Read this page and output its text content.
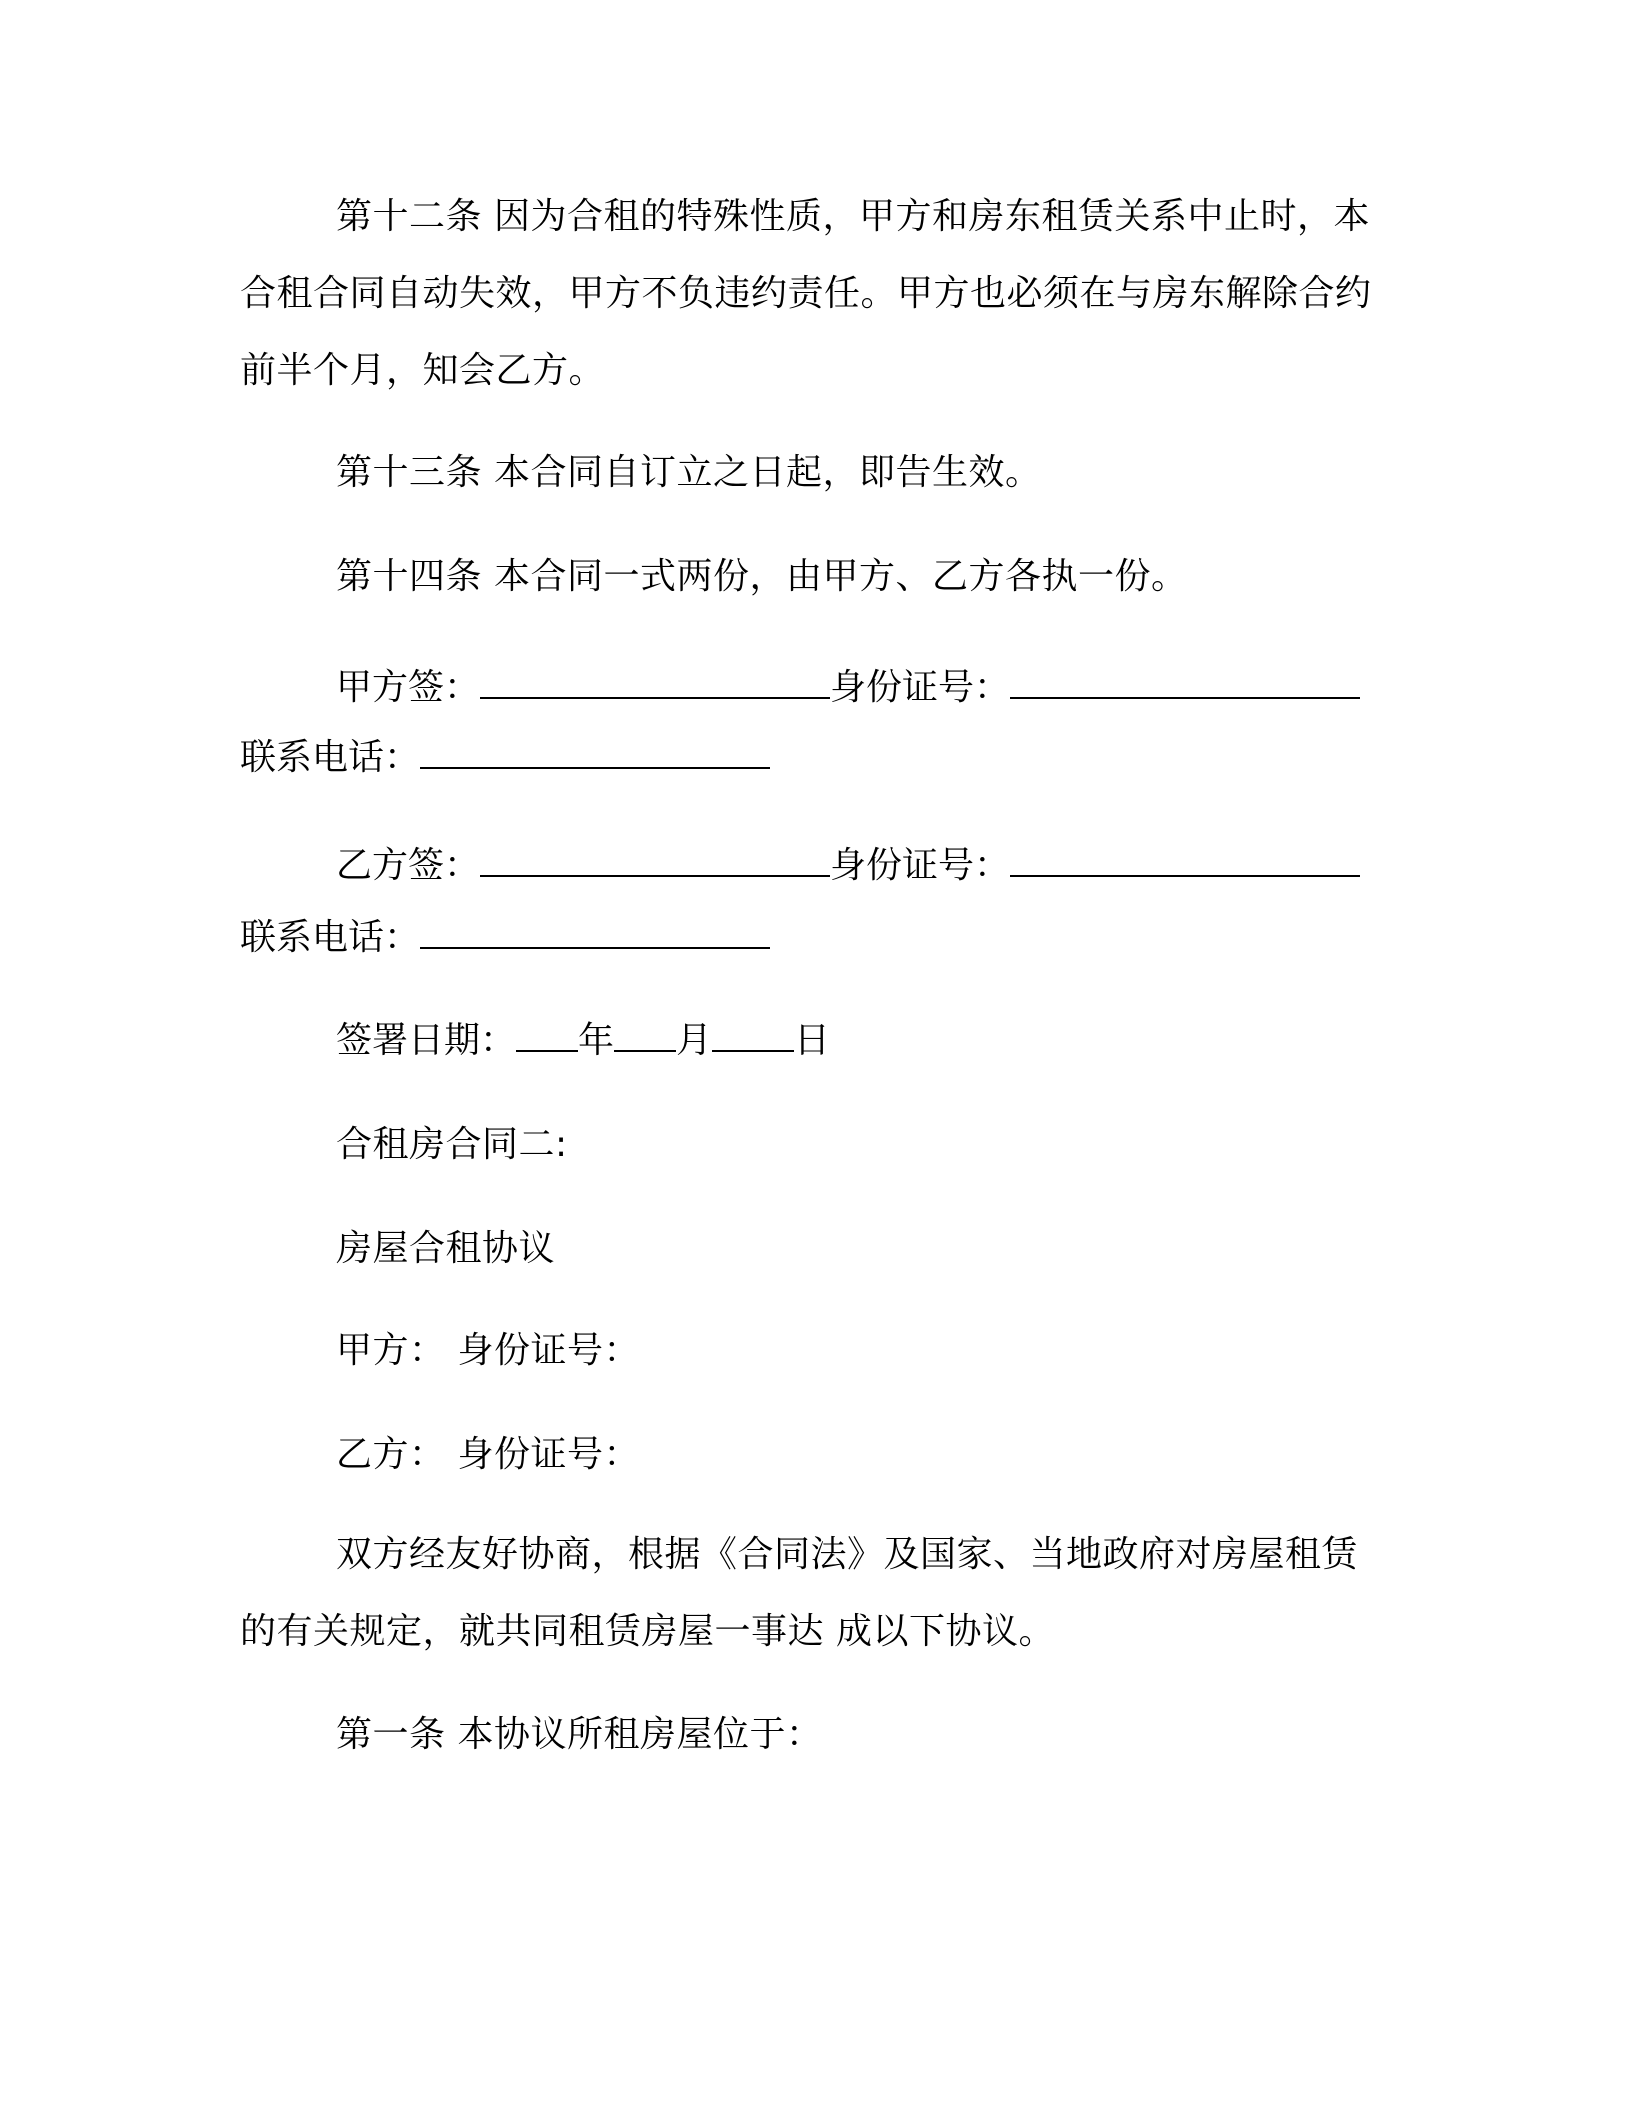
第十二条 因为合租的特殊性质，甲方和房东租赁关系中止时，本合租合同自动失效，甲方不负违约责任。甲方也必须在与房东解除合约前半个月，知会乙方。

第十三条 本合同自订立之日起，即告生效。

第十四条 本合同一式两份，由甲方、乙方各执一份。

甲方签：	身份证号：
联系电话：
乙方签：	身份证号：
联系电话：
签署日期： 年 月 日

合租房合同二:

房屋合租协议

甲方： 身份证号：

乙方： 身份证号：

双方经友好协商，根据《合同法》及国家、当地政府对房屋租赁的有关规定，就共同租赁房屋一事达 成以下协议。

第一条 本协议所租房屋位于：
